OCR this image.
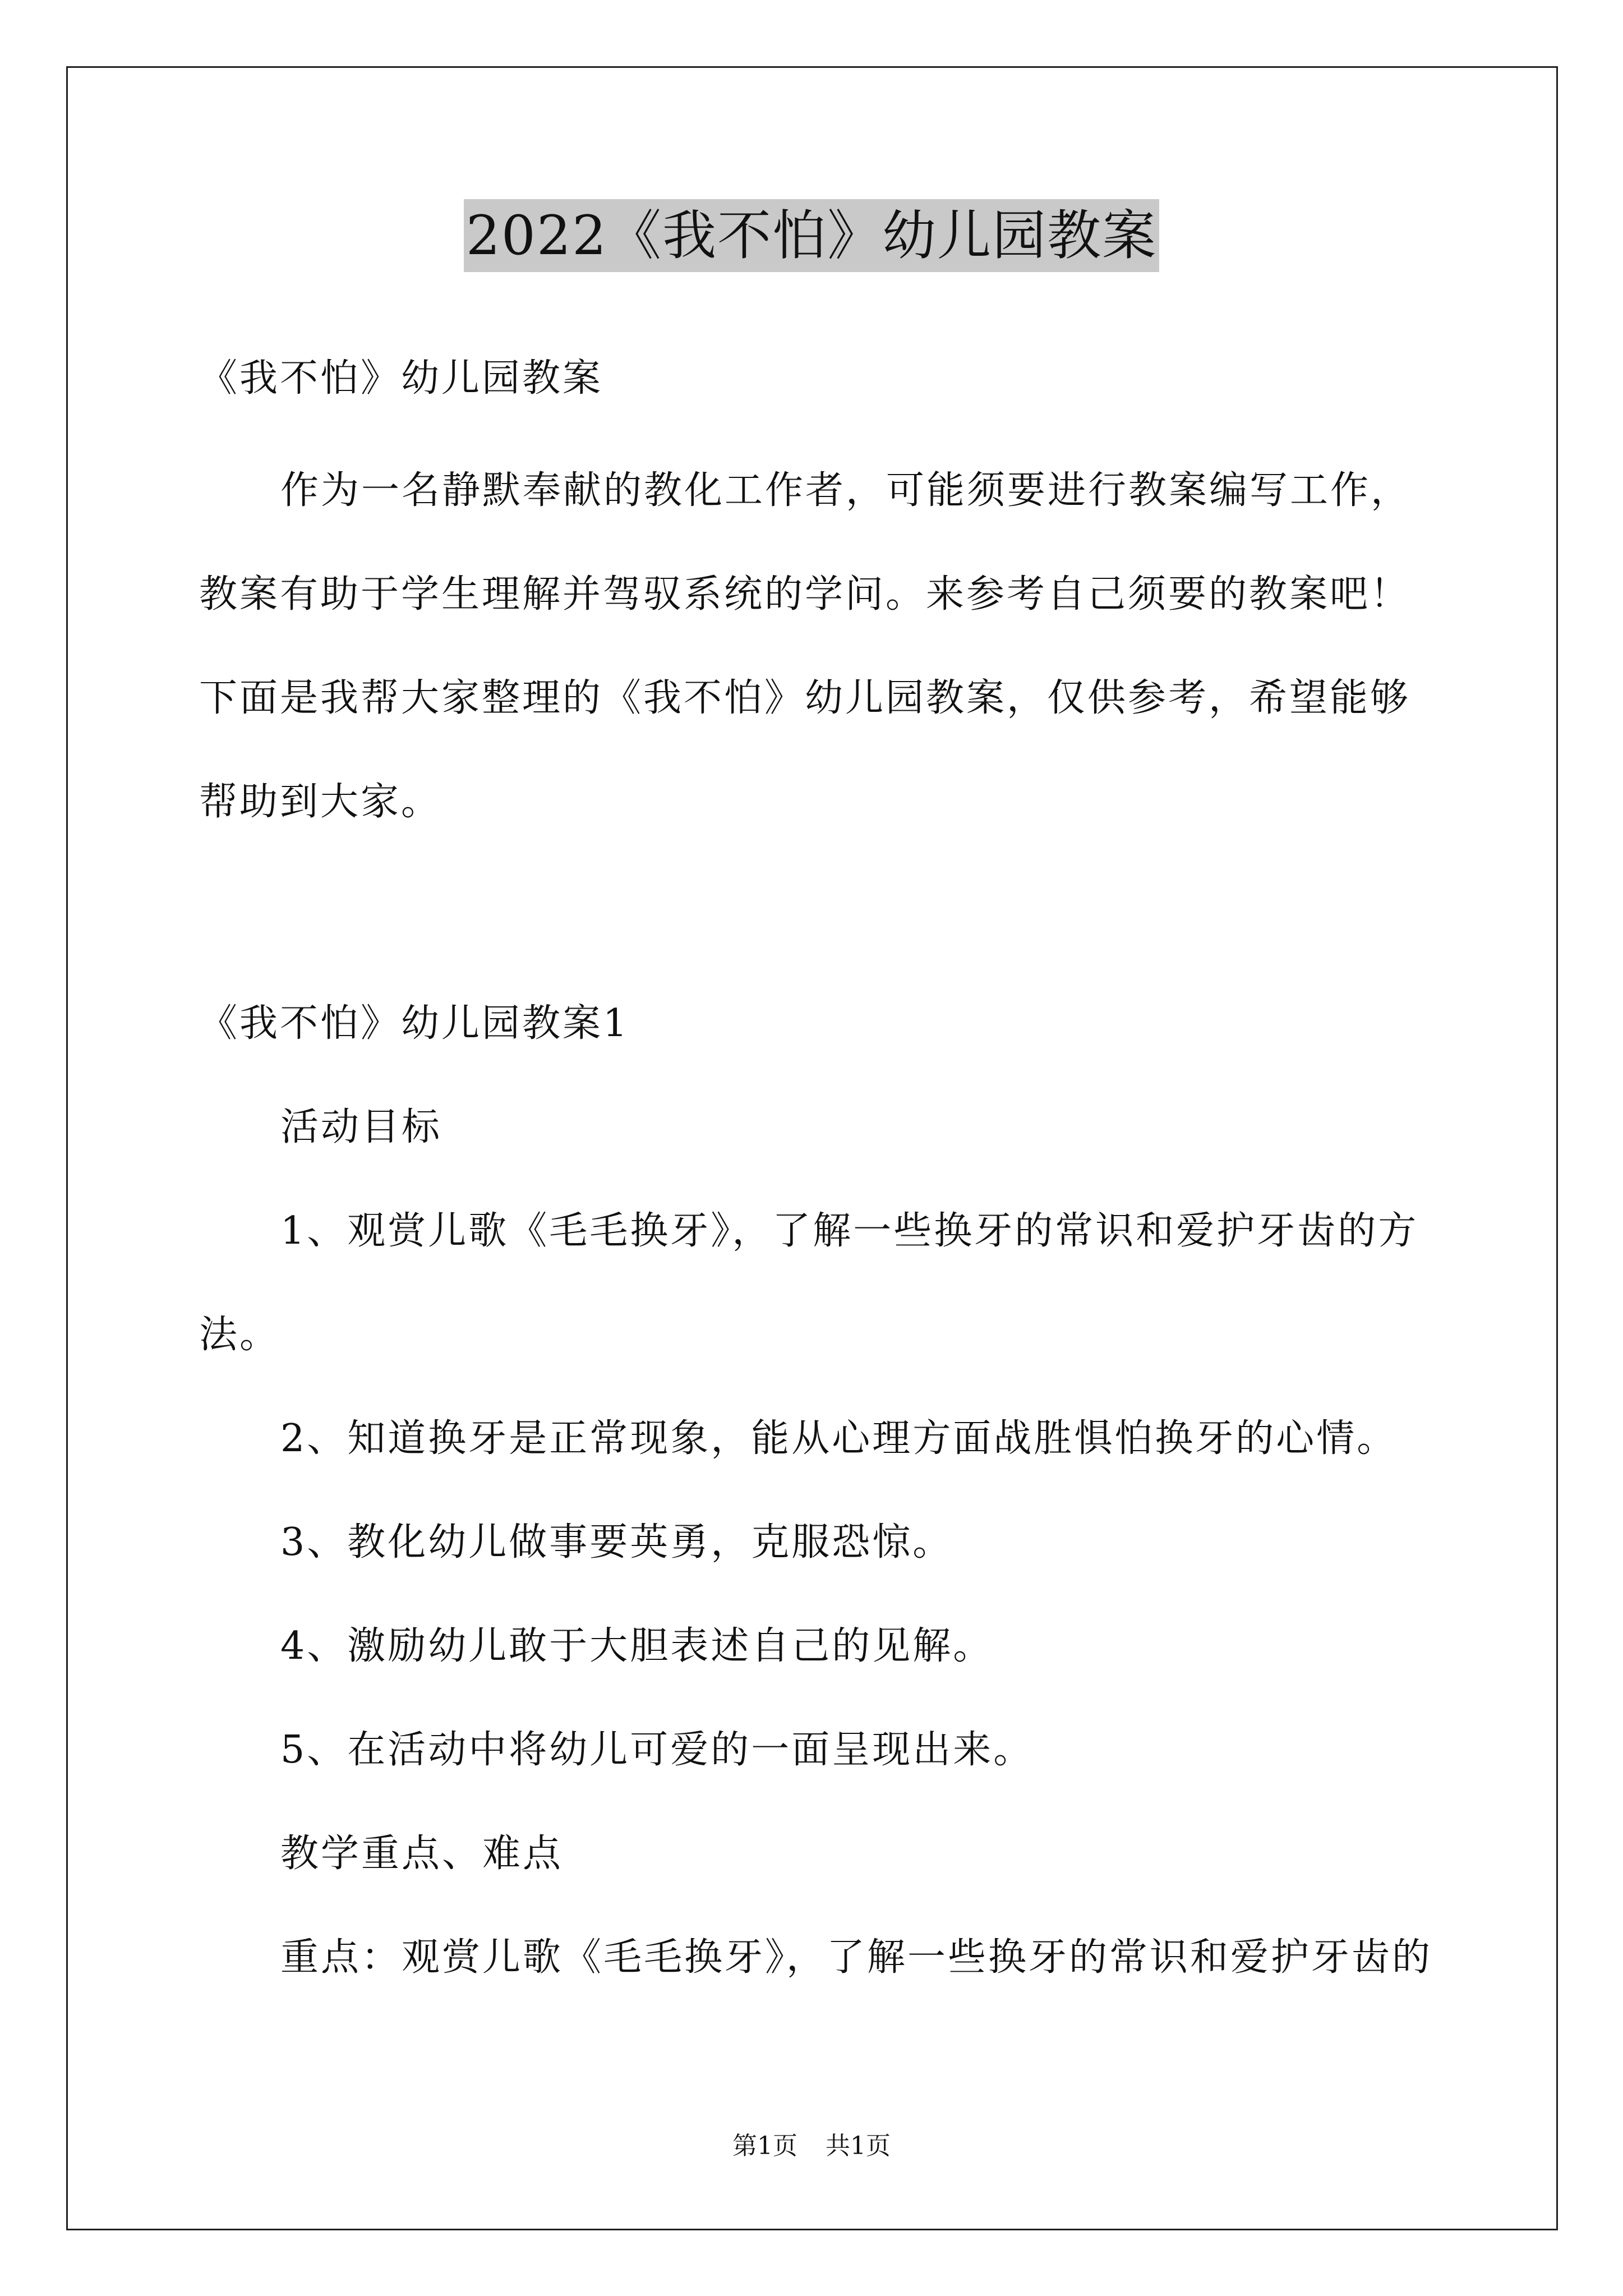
2022《我不怕》幼儿园教案
《我不怕》幼儿园教案
作为一名静默奉献的教化工作者，可能须要进行教案编写工作，
教案有助于学生理解并驾驭系统的学问。来参考自己须要的教案吧！
下面是我帮大家整理的《我不怕》幼儿园教案，仅供参考，希望能够
帮助到大家。
《我不怕》幼儿园教案1
活动目标
1、观赏儿歌《毛毛换牙》，了解一些换牙的常识和爱护牙齿的方
法。
2、知道换牙是正常现象，能从心理方面战胜惧怕换牙的心情。
3、教化幼儿做事要英勇，克服恐惊。
4、激励幼儿敢于大胆表述自己的见解。
5、在活动中将幼儿可爱的一面呈现出来。
教学重点、难点
重点：观赏儿歌《毛毛换牙》，了解一些换牙的常识和爱护牙齿的
第1页 共1页
